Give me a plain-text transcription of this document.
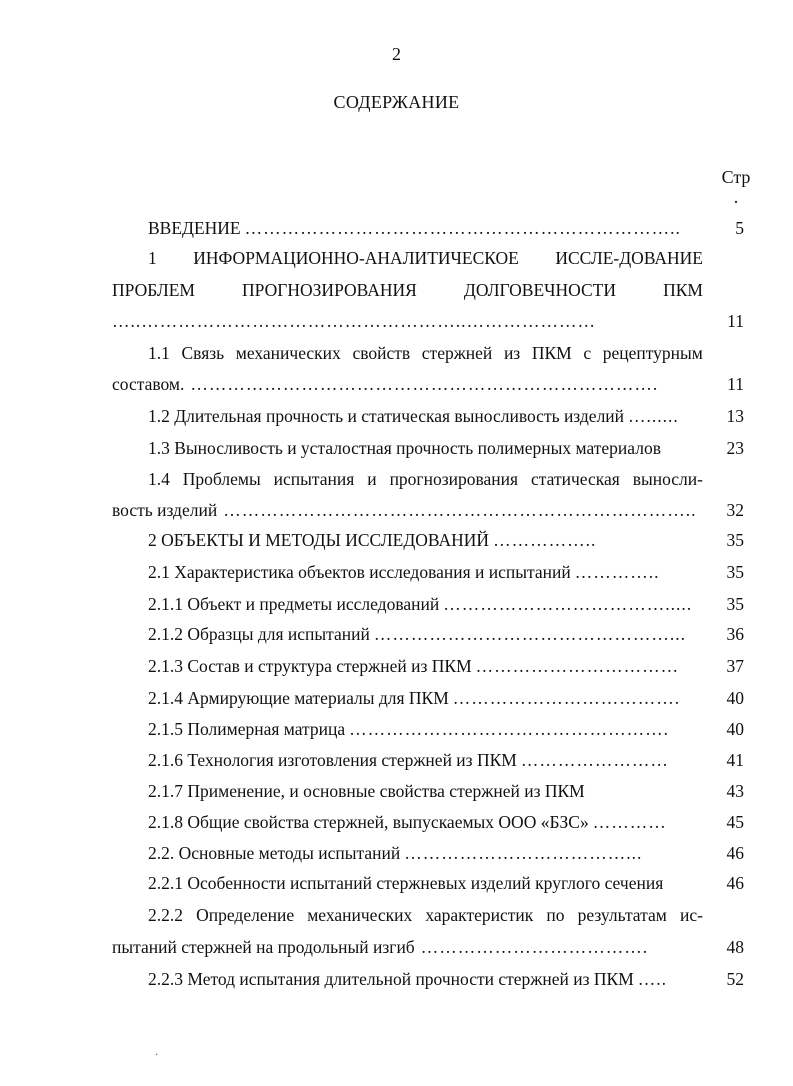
2
СОДЕРЖАНИЕ
Стр
.
ВВЕДЕНИЕ ……………………………………………………………..	5
1 ИНФОРМАЦИОННО-АНАЛИТИЧЕСКОЕ ИССЛЕ-ДОВАНИЕ
ПРОБЛЕМ	ПРОГНОЗИРОВАНИЯ	ДОЛГОВЕЧНОСТИ	ПКМ
…..……………………………………………..…………………	11
1.1 Связь механических свойств стержней из ПКМ с рецептурным
составом. ………………………………………………………………….	11
1.2 Длительная прочность и статическая выносливость изделий …......	13
1.3 Выносливость и усталостная прочность полимерных материалов	23
1.4 Проблемы испытания и прогнозирования статическая выносли-
вость изделий …………………………………………………………………..	32
2 ОБЪЕКТЫ И МЕТОДЫ ИССЛЕДОВАНИЙ ……………..	35
2.1 Характеристика объектов исследования и испытаний …………..	35
2.1.1 Объект и предметы исследований ……………………………….....	35
2.1.2 Образцы для испытаний …………………………………………...	36
2.1.3 Состав и структура стержней из ПКМ ……………………………	37
2.1.4 Армирующие материалы для ПКМ ……………………………….	40
2.1.5 Полимерная матрица …………………………………………….	40
2.1.6 Технология изготовления стержней из ПКМ ……………………	41
2.1.7 Применение, и основные свойства стержней из ПКМ	43
2.1.8 Общие свойства стержней, выпускаемых ООО «БЗС» …………	45
2.2. Основные методы испытаний ………………………………...	46
2.2.1 Особенности испытаний стержневых изделий круглого сечения	46
2.2.2 Определение механических характеристик по результатам ис-
пытаний стержней на продольный изгиб ……………………………….	48
2.2.3 Метод испытания длительной прочности стержней из ПКМ …..	52
.
